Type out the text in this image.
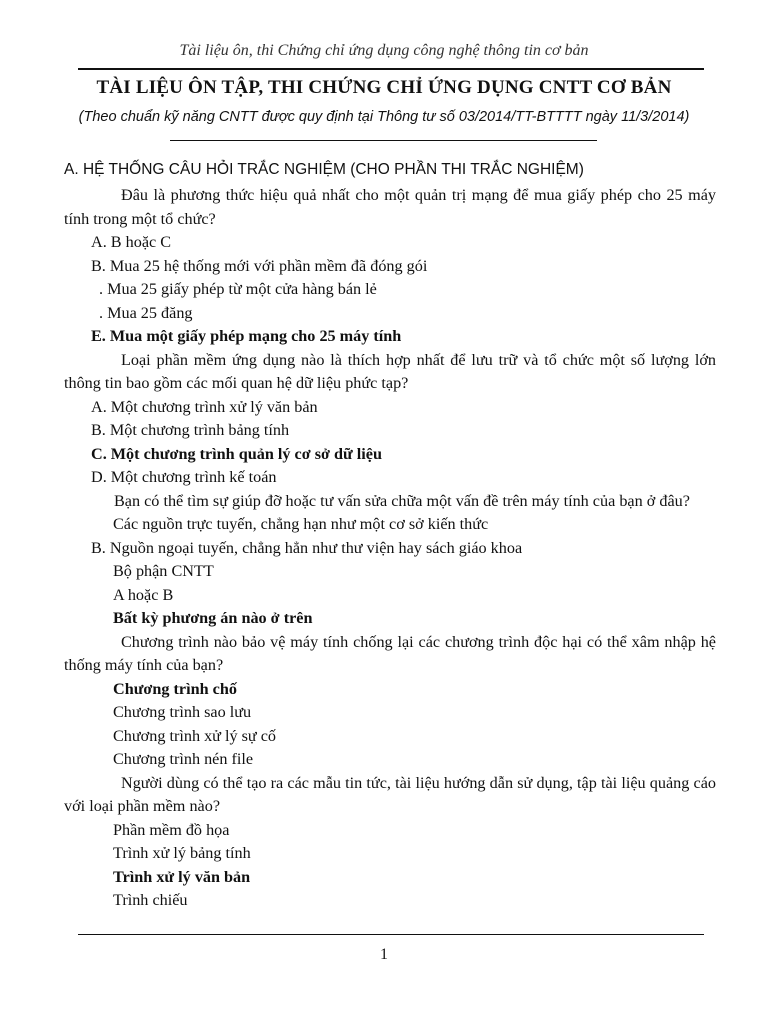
Tài liệu ôn, thi Chứng chỉ ứng dụng công nghệ thông tin cơ bản
TÀI LIỆU ÔN TẬP, THI CHỨNG CHỈ ỨNG DỤNG CNTT CƠ BẢN
(Theo chuẩn kỹ năng CNTT được quy định tại Thông tư số 03/2014/TT-BTTTT ngày 11/3/2014)
A. HỆ THỐNG CÂU HỎI TRẮC NGHIỆM (CHO PHẦN THI TRẮC NGHIỆM)

Đâu là phương thức hiệu quả nhất cho một quản trị mạng để mua giấy phép cho 25 máy tính trong một tổ chức?

A. B hoặc C

B. Mua 25 hệ thống mới với phần mềm đã đóng gói

. Mua 25 giấy phép từ một cửa hàng bán lẻ

. Mua 25 đăng

E. Mua một giấy phép mạng cho 25 máy tính

Loại phần mềm ứng dụng nào là thích hợp nhất để lưu trữ và tổ chức một số lượng lớn thông tin bao gồm các mối quan hệ dữ liệu phức tạp?

A. Một chương trình xử lý văn bản

B. Một chương trình bảng tính

C. Một chương trình quản lý cơ sở dữ liệu

D. Một chương trình kế toán

Bạn có thể tìm sự giúp đỡ hoặc tư vấn sửa chữa một vấn đề trên máy tính của bạn ở đâu?

Các nguồn trực tuyến, chẳng hạn như một cơ sở kiến thức

B. Nguồn ngoại tuyến, chẳng hẳn như thư viện hay sách giáo khoa

Bộ phận CNTT

A hoặc B

Bất kỳ phương án nào ở trên

Chương trình nào bảo vệ máy tính chống lại các chương trình độc hại có thể xâm nhập hệ thống máy tính của bạn?

Chương trình chố

Chương trình sao lưu

Chương trình xử lý sự cố

Chương trình nén file

Người dùng có thể tạo ra các mẫu tin tức, tài liệu hướng dẫn sử dụng, tập tài liệu quảng cáo với loại phần mềm nào?

Phần mềm đồ họa

Trình xử lý bảng tính

Trình xử lý văn bản

Trình chiếu

1
